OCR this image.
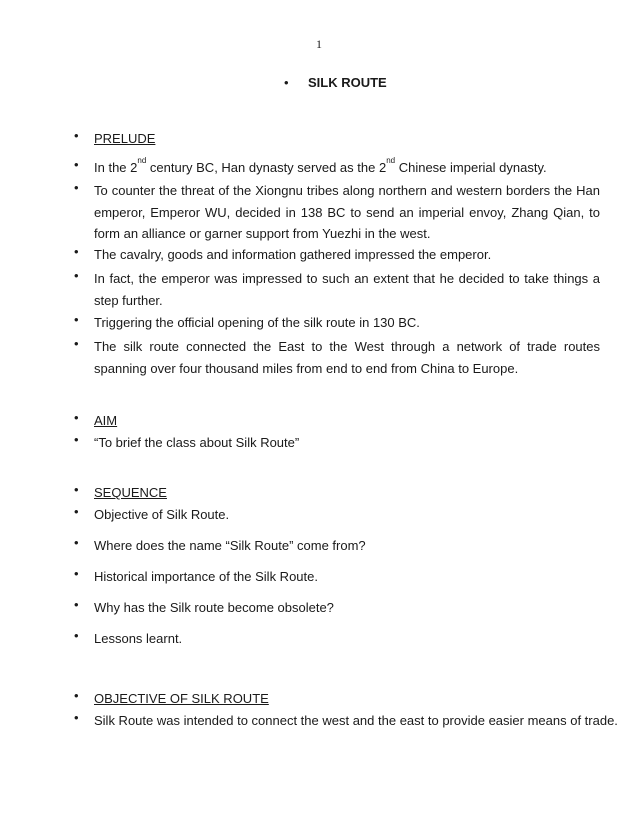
1
• SILK ROUTE
• PRELUDE
• In the 2nd century BC, Han dynasty served as the 2nd Chinese imperial dynasty.
• To counter the threat of the Xiongnu tribes along northern and western borders the Han emperor, Emperor WU, decided in 138 BC to send an imperial envoy, Zhang Qian, to form an alliance or garner support from Yuezhi in the west.
• The cavalry, goods and information gathered impressed the emperor.
• In fact, the emperor was impressed to such an extent that he decided to take things a step further.
• Triggering the official opening of the silk route in 130 BC.
• The silk route connected the East to the West through a network of trade routes spanning over four thousand miles from end to end from China to Europe.
• AIM
• “To brief the class about Silk Route”
• SEQUENCE
• Objective of Silk Route.
• Where does the name “Silk Route” come from?
• Historical importance of the Silk Route.
• Why has the Silk route become obsolete?
• Lessons learnt.
• OBJECTIVE OF SILK ROUTE
• Silk Route was intended to connect the west and the east to provide easier means of trade.
